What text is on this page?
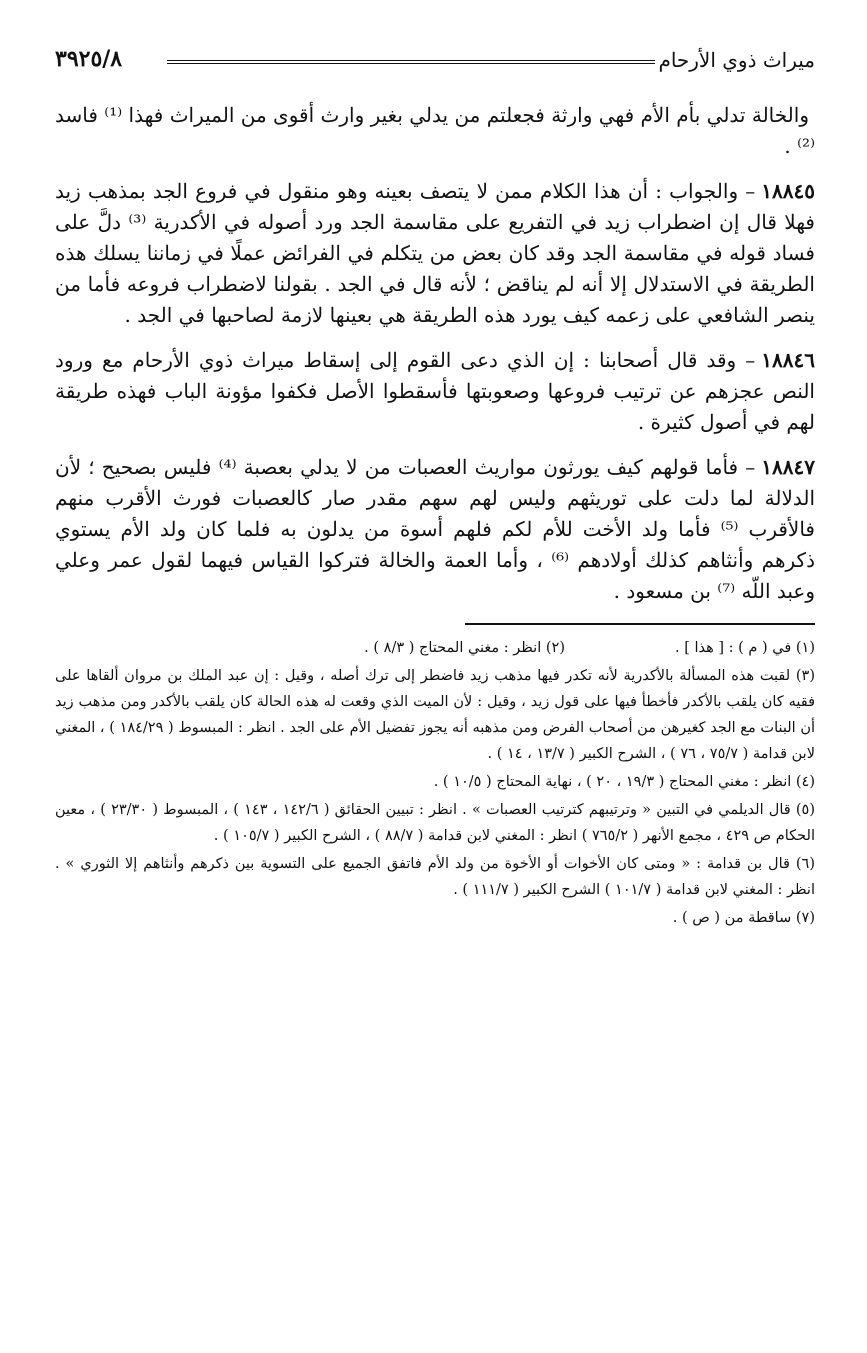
ميراث ذوي الأرحام
٣٩٢٥/٨

والخالة تدلي بأم الأم فهي وارثة فجعلتم من يدلي بغير وارث أقوى من الميراث فهذا ⁽¹⁾ فاسد ⁽²⁾ .

١٨٨٤٥– والجواب : أن هذا الكلام ممن لا يتصف بعينه وهو منقول في فروع الجد بمذهب زيد فهلا قال إن اضطراب زيد في التفريع على مقاسمة الجد ورد أصوله في الأكدرية ⁽³⁾ دلَّ على فساد قوله في مقاسمة الجد وقد كان بعض من يتكلم في الفرائض عملًا في زماننا يسلك هذه الطريقة في الاستدلال إلا أنه لم يناقض ؛ لأنه قال في الجد . بقولنا لاضطراب فروعه فأما من ينصر الشافعي على زعمه كيف يورد هذه الطريقة هي بعينها لازمة لصاحبها في الجد .

١٨٨٤٦– وقد قال أصحابنا : إن الذي دعى القوم إلى إسقاط ميراث ذوي الأرحام مع ورود النص عجزهم عن ترتيب فروعها وصعوبتها فأسقطوا الأصل فكفوا مؤونة الباب فهذه طريقة لهم في أصول كثيرة .

١٨٨٤٧– فأما قولهم كيف يورثون مواريث العصبات من لا يدلي بعصبة ⁽⁴⁾ فليس بصحيح ؛ لأن الدلالة لما دلت على توريثهم وليس لهم سهم مقدر صار كالعصبات فورث الأقرب منهم فالأقرب ⁽⁵⁾ فأما ولد الأخت للأم لكم فلهم أسوة من يدلون به فلما كان ولد الأم يستوي ذكرهم وأنثاهم كذلك أولادهم ⁽⁶⁾ ، وأما العمة والخالة فتركوا القياس فيهما لقول عمر وعلي وعبد اللّه ⁽⁷⁾ بن مسعود .

(١) في ( م ) : [ هذا ] .
(٢) انظر : مغني المحتاج ( ٨/٣ ) .

(٣) لقبت هذه المسألة بالأكدرية لأنه تكدر فيها مذهب زيد فاضطر إلى ترك أصله ، وقيل : إن عبد الملك بن مروان ألقاها على فقيه كان يلقب بالأكدر فأخطأ فيها على قول زيد ، وقيل : لأن الميت الذي وقعت له هذه الحالة كان يلقب بالأكدر ومن مذهب زيد أن البنات مع الجد كغيرهن من أصحاب الفرض ومن مذهبه أنه يجوز تفضيل الأم على الجد . انظر : المبسوط ( ١٨٤/٢٩ ) ، المغني لابن قدامة ( ٧٥/٧ ، ٧٦ ) ، الشرح الكبير ( ١٣/٧ ، ١٤ ) .

(٤) انظر : مغني المحتاج ( ١٩/٣ ، ٢٠ ) ، نهاية المحتاج ( ١٠/٥ ) .

(٥) قال الديلمي في التبين « وترتيبهم كترتيب العصبات » . انظر : تبيين الحقائق ( ١٤٢/٦ ، ١٤٣ ) ، المبسوط ( ٢٣/٣٠ ) ، معين الحكام ص ٤٢٩ ، مجمع الأنهر ( ٧٦٥/٢ ) انظر : المغني لابن قدامة ( ٨٨/٧ ) ، الشرح الكبير ( ١٠٥/٧ ) .

(٦) قال بن قدامة : « ومتى كان الأخوات أو الأخوة من ولد الأم فاتفق الجميع على التسوية بين ذكرهم وأنثاهم إلا الثوري » . انظر : المغني لابن قدامة ( ١٠١/٧ ) الشرح الكبير ( ١١١/٧ ) .

(٧) ساقطة من ( ص ) .
